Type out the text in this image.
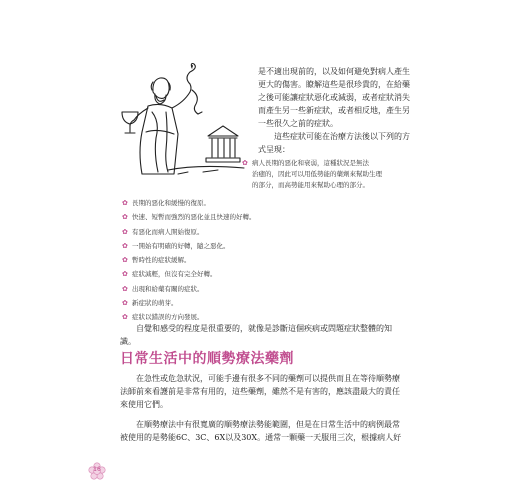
是不適出現前的，以及如何避免對病人產生
更大的傷害。瞭解這些是很珍貴的，在給藥
之後可能讓症狀惡化或減弱，或者症狀消失
而產生另一些新症狀，或者相反地，產生另
一些很久之前的症狀。
這些症狀可能在治療方法後以下列的方
式呈現：
✿ 病人長期的惡化和衰弱，這種狀況是無法
治癒的，因此可以用低勢能的藥劑來幫助生理
的部分，而高勢能用來幫助心理的部分。
✿ 長期的惡化和緩慢的復原。
✿ 快速、短暫而強烈的惡化並且快速的好轉。
✿ 有惡化而病人開始復原。
✿ 一開始有明確的好轉，隨之惡化。
✿ 暫時性的症狀緩解。
✿ 症狀減輕，但沒有完全好轉。
✿ 出現和給藥有關的症狀。
✿ 新症狀的萌芽。
✿ 症狀以錯誤的方向發展。
自覺和感受的程度是很重要的，就像是診斷這個疾病或問題症狀整體的知
識。
日常生活中的順勢療法藥劑
在急性或危急狀況，可能手邊有很多不同的藥劑可以提供而且在等待順勢療
法師前來看護前是非常有用的，這些藥劑，雖然不是有害的，應該盡最大的責任
來使用它們。
在順勢療法中有很寬廣的順勢療法勢能範圍，但是在日常生活中的病例最常
被使用的是勢能6C、3C、6X以及30X。通常一顆藥一天服用三次，根據病人好
16
